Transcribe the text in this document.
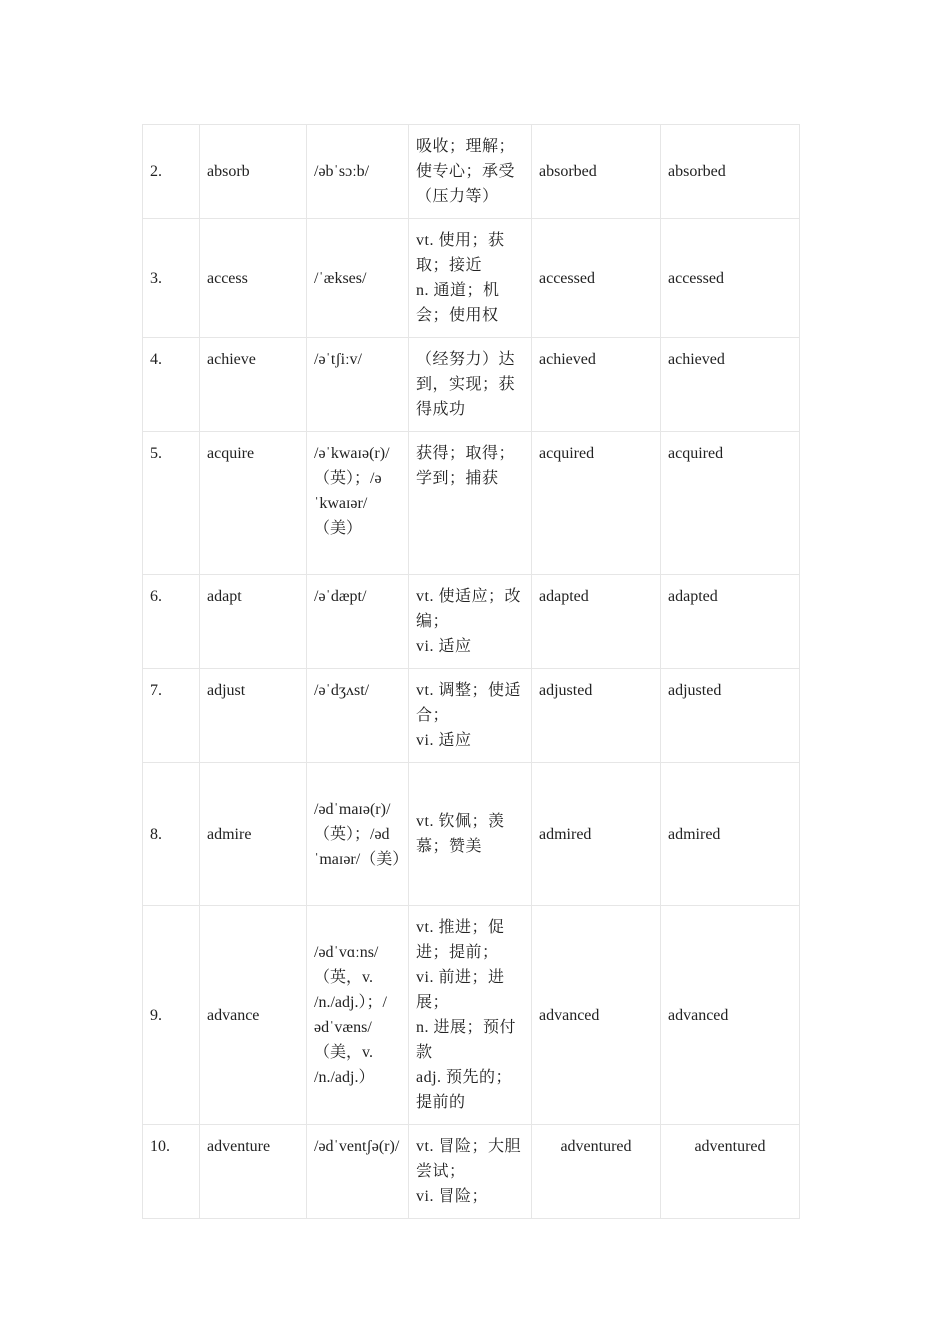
2.	absorb	/əbˈsɔːb/	吸收；理解；使专心；承受（压力等）	absorbed	absorbed
3.	access	/ˈækses/	vt. 使用；获取；接近
n. 通道；机会；使用权	accessed	accessed
4.	achieve	/əˈtʃiːv/	（经努力）达到，实现；获得成功	achieved	achieved
5.	acquire	/əˈkwaɪə(r)/（英）；/əˈkwaɪər/（美）	获得；取得；学到；捕获	acquired	acquired
6.	adapt	/əˈdæpt/	vt. 使适应；改编；
vi. 适应	adapted	adapted
7.	adjust	/əˈdʒʌst/	vt. 调整；使适合；
vi. 适应	adjusted	adjusted
8.	admire	/ədˈmaɪə(r)/（英）；/ədˈmaɪər/（美）	vt. 钦佩；羡慕；赞美	admired	admired
9.	advance	/ədˈvɑːns/（英，v. /n./adj.）；/ədˈvæns/（美，v. /n./adj.）	vt. 推进；促进；提前；
vi. 前进；进展；
n. 进展；预付款
adj. 预先的；提前的	advanced	advanced
10.	adventure	/ədˈventʃə(r)/	vt. 冒险；大胆尝试；
vi. 冒险；	adventured	adventured
